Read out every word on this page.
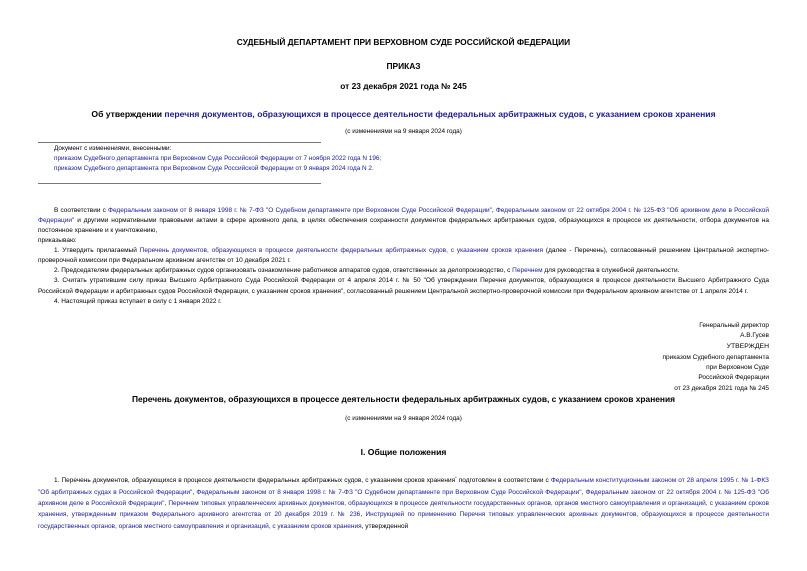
СУДЕБНЫЙ ДЕПАРТАМЕНТ ПРИ ВЕРХОВНОМ СУДЕ РОССИЙСКОЙ ФЕДЕРАЦИИ
ПРИКАЗ
от 23 декабря 2021 года № 245
Об утверждении перечня документов, образующихся в процессе деятельности федеральных арбитражных судов, с указанием сроков хранения
(с изменениями на 9 января 2024 года)
Документ с изменениями, внесенными:
приказом Судебного департамента при Верховном Суде Российской Федерации от 7 ноября 2022 года N 196;
приказом Судебного департамента при Верховном Суде Российской Федерации от 9 января 2024 года N 2.

В соответствии с Федеральным законом от 8 января 1998 г. № 7-ФЗ "О Судебном департаменте при Верховном Суде Российской Федерации", Федеральным законом от 22 октября 2004 г. № 125-ФЗ "Об архивном деле в Российской Федерации" и другими нормативными правовыми актами в сфере архивного дела, в целях обеспечения сохранности документов федеральных арбитражных судов, образующихся в процессе их деятельности, отбора документов на постоянное хранение и к уничтожению,

приказываю:

1. Утвердить прилагаемый Перечень документов, образующихся в процессе деятельности федеральных арбитражных судов, с указанием сроков хранения (далее - Перечень), согласованный решением Центральной экспертно-проверочной комиссии при Федеральном архивном агентстве от 10 декабря 2021 г.

2. Председателям федеральных арбитражных судов организовать ознакомление работников аппаратов судов, ответственных за делопроизводство, с Перечнем для руководства в служебной деятельности.

3. Считать утратившим силу приказ Высшего Арбитражного Суда Российской Федерации от 4 апреля 2014 г. № 50 "Об утверждении Перечня документов, образующихся в процессе деятельности Высшего Арбитражного Суда Российской Федерации и арбитражных судов Российской Федерации, с указанием сроков хранения", согласованный решением Центральной экспертно-проверочной комиссии при Федеральном архивном агентстве от 1 апреля 2014 г.

4. Настоящий приказ вступает в силу с 1 января 2022 г.

Генеральный директор
А.В.Гусев
УТВЕРЖДЕН
приказом Судебного департамента
при Верховном Суде
Российской Федерации
от 23 декабря 2021 года № 245
Перечень документов, образующихся в процессе деятельности федеральных арбитражных судов, с указанием сроков хранения
(с изменениями на 9 января 2024 года)
I. Общие положения

1. Перечень документов, образующихся в процессе деятельности федеральных арбитражных судов, с указанием сроков хранения* подготовлен в соответствии с Федеральным конституционным законом от 28 апреля 1995 г. № 1-ФКЗ "Об арбитражных судах в Российской Федерации", Федеральным законом от 8 января 1998 г. № 7-ФЗ "О Судебном департаменте при Верховном Суде Российской Федерации", Федеральным законом от 22 октября 2004 г. № 125-ФЗ "Об архивном деле в Российской Федерации", Перечнем типовых управленческих архивных документов, образующихся в процессе деятельности государственных органов, органов местного самоуправления и организаций, с указанием сроков хранения, утвержденным приказом Федерального архивного агентства от 20 декабря 2019 г. № 236, Инструкцией по применению Перечня типовых управленческих архивных документов, образующихся в процессе деятельности государственных органов, органов местного самоуправления и организаций, с указанием сроков хранения, утвержденной
